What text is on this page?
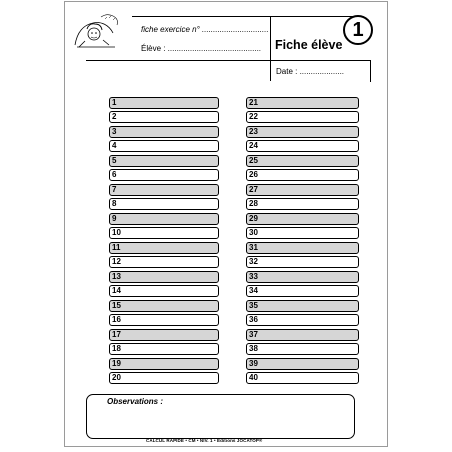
fiche exercice n° ..............................
Élève : .......................................... Fiche élève
1
Date : ....................
1
2
3
4
5
6
7
8
9
10
11
12
13
14
15
16
17
18
19
20
21
22
23
24
25
26
27
28
29
30
31
32
33
34
35
36
37
38
39
40
Observations :
CALCUL RAPIDE • CM • NIV. 1 • Éditions JOCATOP®
